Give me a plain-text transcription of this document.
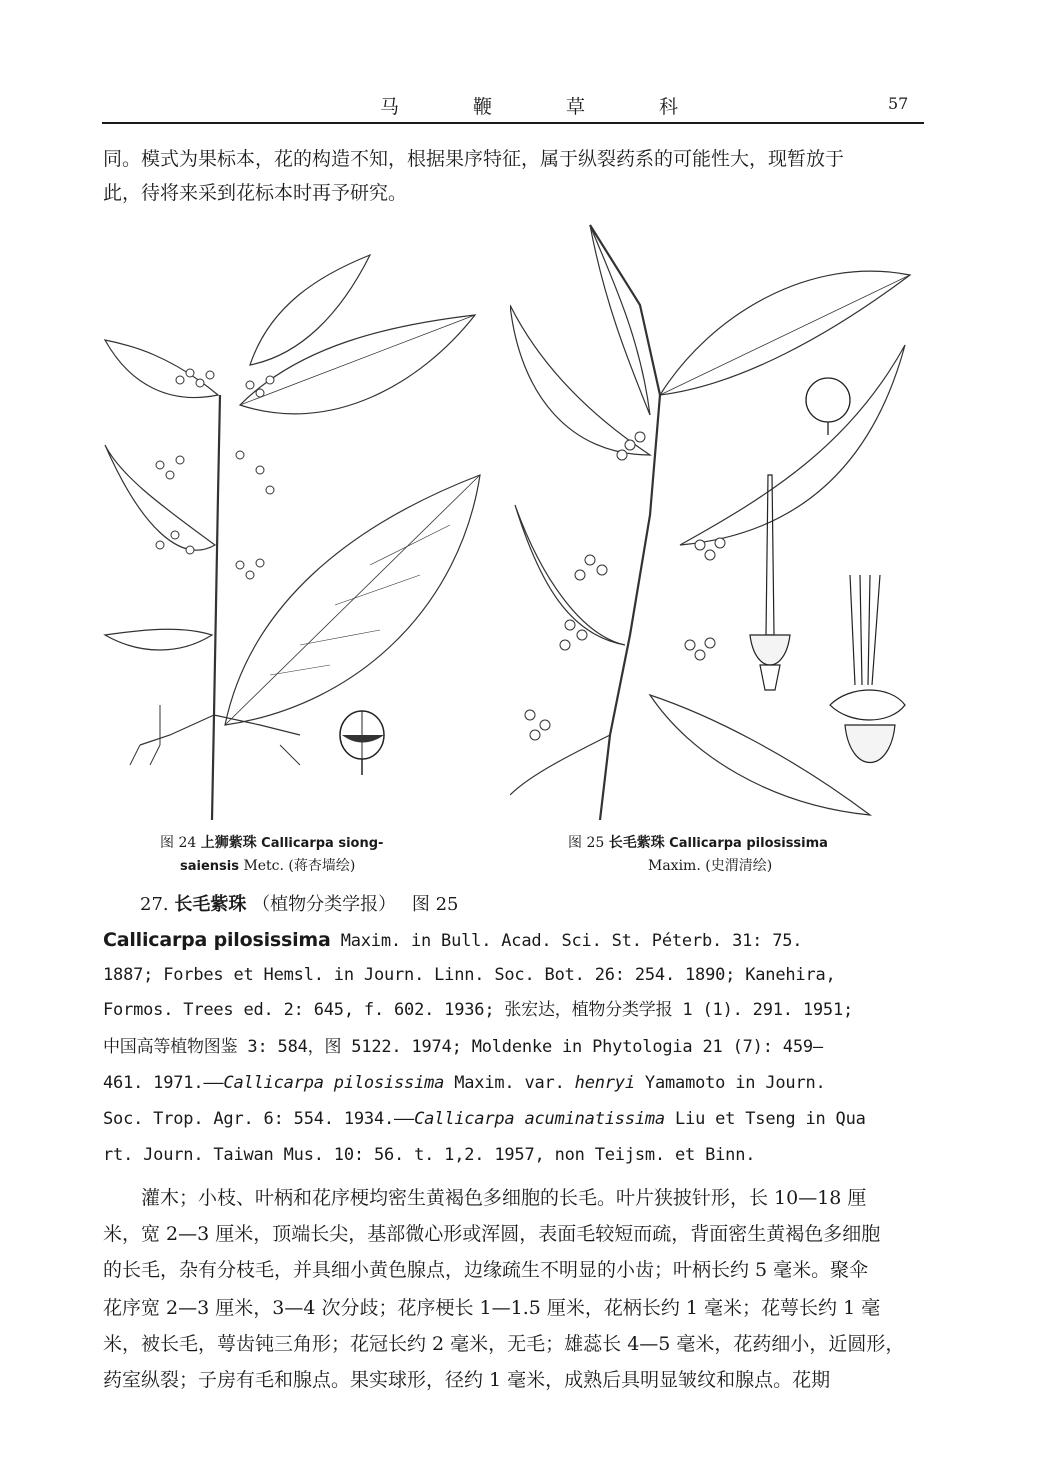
马	鞭	草	科	57
同。模式为果标本，花的构造不知，根据果序特征，属于纵裂药系的可能性大，现暂放于
此，待将来采到花标本时再予研究。
图 24 上狮紫珠 Callicarpa siong-
saiensis Metc. (蒋杏墙绘)
图 25 长毛紫珠 Callicarpa pilosissima
Maxim. (史渭清绘)
27. 长毛紫珠 （植物分类学报） 图 25
Callicarpa pilosissima Maxim. in Bull. Acad. Sci. St. Péterb. 31: 75.
1887; Forbes et Hemsl. in Journ. Linn. Soc. Bot. 26: 254. 1890; Kanehira,
Formos. Trees ed. 2: 645, f. 602. 1936; 张宏达，植物分类学报 1 (1). 291. 1951;
中国高等植物图鉴 3: 584，图 5122. 1974; Moldenke in Phytologia 21 (7): 459—
461. 1971.——Callicarpa pilosissima Maxim. var. henryi Yamamoto in Journ.
Soc. Trop. Agr. 6: 554. 1934.——Callicarpa acuminatissima Liu et Tseng in Qua
rt. Journ. Taiwan Mus. 10: 56. t. 1,2. 1957, non Teijsm. et Binn.
灌木；小枝、叶柄和花序梗均密生黄褐色多细胞的长毛。叶片狭披针形，长 10—18 厘
米，宽 2—3 厘米，顶端长尖，基部微心形或浑圆，表面毛较短而疏，背面密生黄褐色多细胞
的长毛，杂有分枝毛，并具细小黄色腺点，边缘疏生不明显的小齿；叶柄长约 5 毫米。聚伞
花序宽 2—3 厘米，3—4 次分歧；花序梗长 1—1.5 厘米，花柄长约 1 毫米；花萼长约 1 毫
米，被长毛，萼齿钝三角形；花冠长约 2 毫米，无毛；雄蕊长 4—5 毫米，花药细小，近圆形，
药室纵裂；子房有毛和腺点。果实球形，径约 1 毫米，成熟后具明显皱纹和腺点。花期
